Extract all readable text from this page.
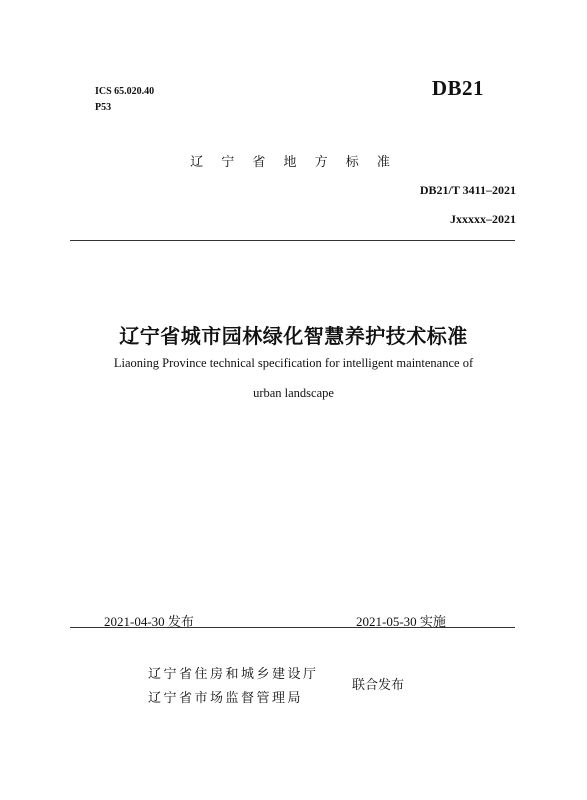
ICS 65.020.40
P53
DB21
辽 宁 省 地 方 标 准
DB21/T 3411–2021
Jxxxxx–2021
辽宁省城市园林绿化智慧养护技术标准
Liaoning Province technical specification for intelligent maintenance of
urban landscape
2021-04-30 发布	2021-05-30 实施
辽宁省住房和城乡建设厅
辽宁省市场监督管理局
联合发布
